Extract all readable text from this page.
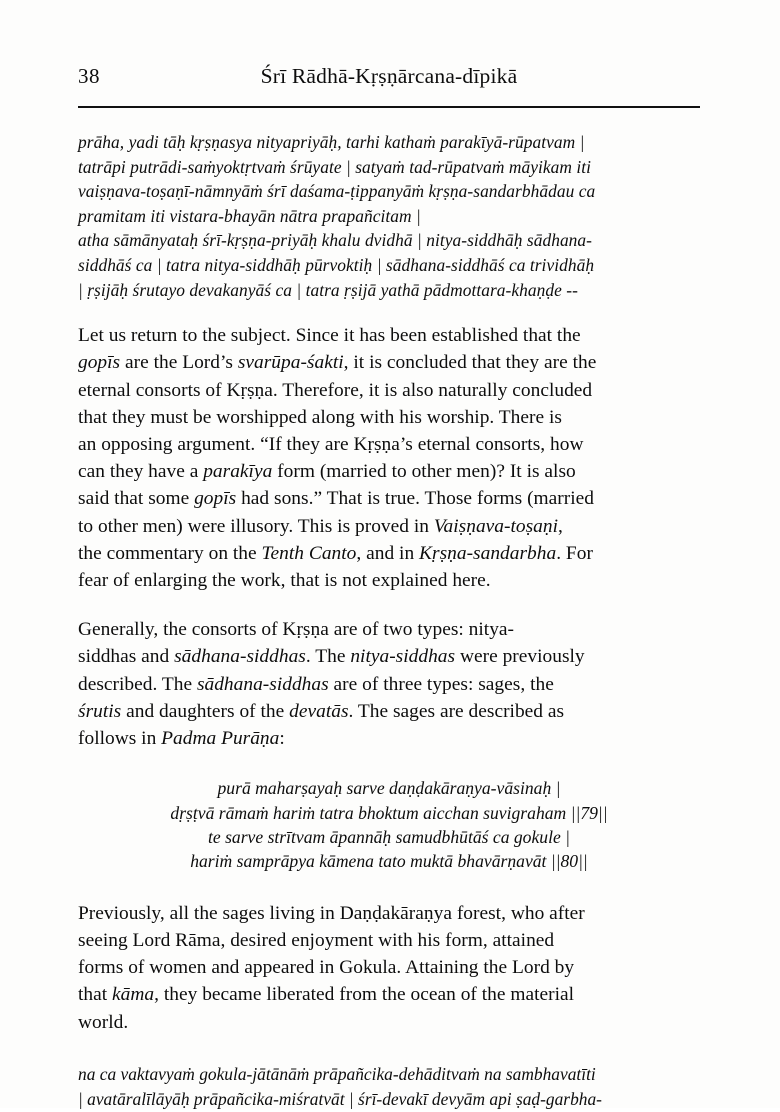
38	Śrī Rādhā-Kṛṣṇārcana-dīpikā
prāha, yadi tāḥ kṛṣṇasya nityapriyāḥ, tarhi kathaṁ parakīyā-rūpatvam |
tatrāpi putrādi-saṁyoktṛtvaṁ śrūyate | satyaṁ tad-rūpatvaṁ māyikam iti
vaiṣṇava-toṣaṇī-nāmnyāṁ śrī daśama-ṭippanyāṁ kṛṣṇa-sandarbhādau ca
pramitam iti vistara-bhayān nātra prapañcitam |
atha sāmānyataḥ śrī-kṛṣṇa-priyāḥ khalu dvidhā | nitya-siddhāḥ sādhana-
siddhāś ca | tatra nitya-siddhāḥ pūrvoktiḥ | sādhana-siddhāś ca trividhāḥ
| ṛṣijāḥ śrutayo devakanyāś ca | tatra ṛṣijā yathā pādmottara-khaṇḍe --
Let us return to the subject. Since it has been established that the
gopīs are the Lord’s svarūpa-śakti, it is concluded that they are the
eternal consorts of Kṛṣṇa. Therefore, it is also naturally concluded
that they must be worshipped along with his worship. There is
an opposing argument. “If they are Kṛṣṇa’s eternal consorts, how
can they have a parakīya form (married to other men)? It is also
said that some gopīs had sons.” That is true. Those forms (married
to other men) were illusory. This is proved in Vaiṣṇava-toṣaṇi,
the commentary on the Tenth Canto, and in Kṛṣṇa-sandarbha. For
fear of enlarging the work, that is not explained here.
Generally, the consorts of Kṛṣṇa are of two types: nitya-
siddhas and sādhana-siddhas. The nitya-siddhas were previously
described. The sādhana-siddhas are of three types: sages, the
śrutis and daughters of the devatās. The sages are described as
follows in Padma Purāṇa:
purā maharṣayaḥ sarve daṇḍakāraṇya-vāsinaḥ |
dṛṣṭvā rāmaṁ hariṁ tatra bhoktum aicchan suvigraham ||79||
te sarve strītvam āpannāḥ samudbhūtāś ca gokule |
hariṁ samprāpya kāmena tato muktā bhavārṇavāt ||80||
Previously, all the sages living in Daṇḍakāraṇya forest, who after
seeing Lord Rāma, desired enjoyment with his form, attained
forms of women and appeared in Gokula. Attaining the Lord by
that kāma, they became liberated from the ocean of the material
world.
na ca vaktavyaṁ gokula-jātānāṁ prāpañcika-dehāditvaṁ na sambhavatīti
| avatāralīlāyāḥ prāpañcika-miśratvāt | śrī-devakī devyām api ṣaḍ-garbha-
